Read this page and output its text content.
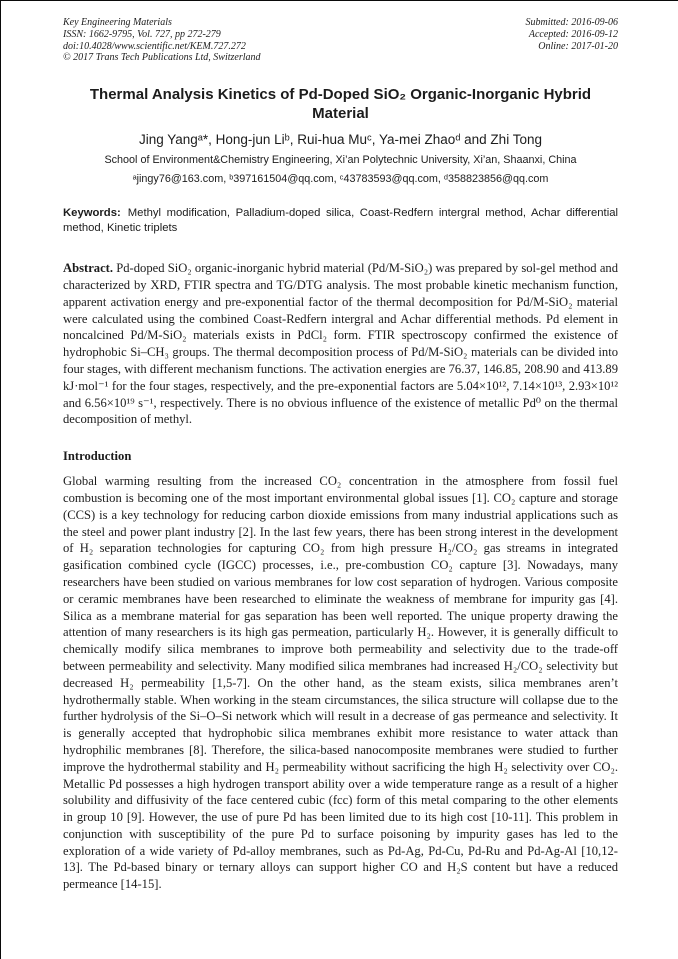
Key Engineering Materials
ISSN: 1662-9795, Vol. 727, pp 272-279
doi:10.4028/www.scientific.net/KEM.727.272
© 2017 Trans Tech Publications Ltd, Switzerland
Submitted: 2016-09-06
Accepted: 2016-09-12
Online: 2017-01-20
Thermal Analysis Kinetics of Pd-Doped SiO₂ Organic-Inorganic Hybrid Material
Jing Yangᵃ*, Hong-jun Liᵇ, Rui-hua Muᶜ, Ya-mei Zhaoᵈ and Zhi Tong
School of Environment&Chemistry Engineering, Xi’an Polytechnic University, Xi’an, Shaanxi, China
ᵃjingy76@163.com, ᵇ397161504@qq.com, ᶜ43783593@qq.com, ᵈ358823856@qq.com
Keywords: Methyl modification, Palladium-doped silica, Coast-Redfern intergral method, Achar differential method, Kinetic triplets
Abstract. Pd-doped SiO₂ organic-inorganic hybrid material (Pd/M-SiO₂) was prepared by sol-gel method and characterized by XRD, FTIR spectra and TG/DTG analysis. The most probable kinetic mechanism function, apparent activation energy and pre-exponential factor of the thermal decomposition for Pd/M-SiO₂ material were calculated using the combined Coast-Redfern intergral and Achar differential methods. Pd element in noncalcined Pd/M-SiO₂ materials exists in PdCl₂ form. FTIR spectroscopy confirmed the existence of hydrophobic Si–CH₃ groups. The thermal decomposition process of Pd/M-SiO₂ materials can be divided into four stages, with different mechanism functions. The activation energies are 76.37, 146.85, 208.90 and 413.89 kJ·mol⁻¹ for the four stages, respectively, and the pre-exponential factors are 5.04×10¹², 7.14×10¹³, 2.93×10¹² and 6.56×10¹⁹ s⁻¹, respectively. There is no obvious influence of the existence of metallic Pd⁰ on the thermal decomposition of methyl.
Introduction
Global warming resulting from the increased CO₂ concentration in the atmosphere from fossil fuel combustion is becoming one of the most important environmental global issues [1]. CO₂ capture and storage (CCS) is a key technology for reducing carbon dioxide emissions from many industrial applications such as the steel and power plant industry [2]. In the last few years, there has been strong interest in the development of H₂ separation technologies for capturing CO₂ from high pressure H₂/CO₂ gas streams in integrated gasification combined cycle (IGCC) processes, i.e., pre-combustion CO₂ capture [3]. Nowadays, many researchers have been studied on various membranes for low cost separation of hydrogen. Various composite or ceramic membranes have been researched to eliminate the weakness of membrane for impurity gas [4]. Silica as a membrane material for gas separation has been well reported. The unique property drawing the attention of many researchers is its high gas permeation, particularly H₂. However, it is generally difficult to chemically modify silica membranes to improve both permeability and selectivity due to the trade-off between permeability and selectivity. Many modified silica membranes had increased H₂/CO₂ selectivity but decreased H₂ permeability [1,5-7]. On the other hand, as the steam exists, silica membranes aren’t hydrothermally stable. When working in the steam circumstances, the silica structure will collapse due to the further hydrolysis of the Si–O–Si network which will result in a decrease of gas permeance and selectivity. It is generally accepted that hydrophobic silica membranes exhibit more resistance to water attack than hydrophilic membranes [8]. Therefore, the silica-based nanocomposite membranes were studied to further improve the hydrothermal stability and H₂ permeability without sacrificing the high H₂ selectivity over CO₂. Metallic Pd possesses a high hydrogen transport ability over a wide temperature range as a result of a higher solubility and diffusivity of the face centered cubic (fcc) form of this metal comparing to the other elements in group 10 [9]. However, the use of pure Pd has been limited due to its high cost [10-11]. This problem in conjunction with susceptibility of the pure Pd to surface poisoning by impurity gases has led to the exploration of a wide variety of Pd-alloy membranes, such as Pd-Ag, Pd-Cu, Pd-Ru and Pd-Ag-Al [10,12-13]. The Pd-based binary or ternary alloys can support higher CO and H₂S content but have a reduced permeance [14-15].
